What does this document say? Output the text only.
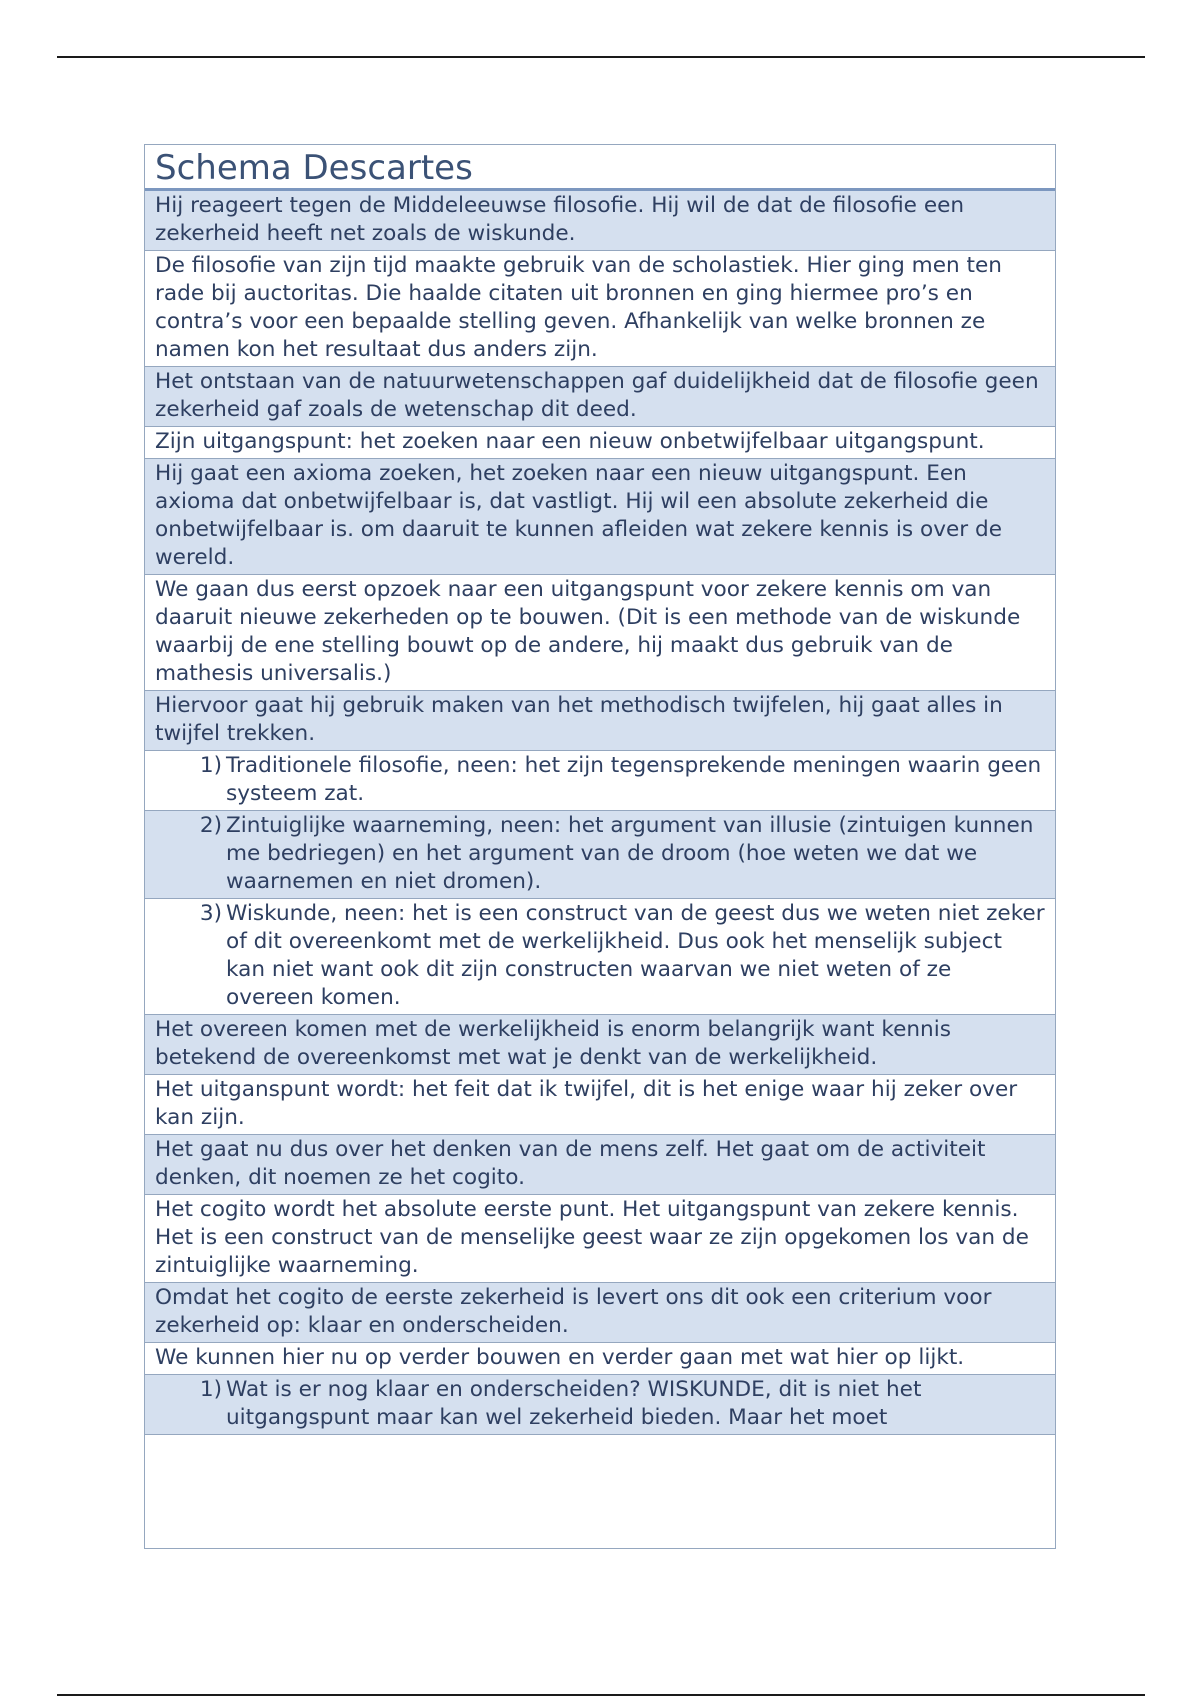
Schema Descartes
Hij reageert tegen de Middeleeuwse filosofie. Hij wil de dat de filosofie een zekerheid heeft net zoals de wiskunde.
De filosofie van zijn tijd maakte gebruik van de scholastiek. Hier ging men ten rade bij auctoritas. Die haalde citaten uit bronnen en ging hiermee pro’s en contra’s voor een bepaalde stelling geven. Afhankelijk van welke bronnen ze namen kon het resultaat dus anders zijn.
Het ontstaan van de natuurwetenschappen gaf duidelijkheid dat de filosofie geen zekerheid gaf zoals de wetenschap dit deed.
Zijn uitgangspunt: het zoeken naar een nieuw onbetwijfelbaar uitgangspunt.
Hij gaat een axioma zoeken, het zoeken naar een nieuw uitgangspunt. Een axioma dat onbetwijfelbaar is, dat vastligt. Hij wil een absolute zekerheid die onbetwijfelbaar is. om daaruit te kunnen afleiden wat zekere kennis is over de wereld.
We gaan dus eerst opzoek naar een uitgangspunt voor zekere kennis om van daaruit nieuwe zekerheden op te bouwen. (Dit is een methode van de wiskunde waarbij de ene stelling bouwt op de andere, hij maakt dus gebruik van de mathesis universalis.)
Hiervoor gaat hij gebruik maken van het methodisch twijfelen, hij gaat alles in twijfel trekken.
1) Traditionele filosofie, neen: het zijn tegensprekende meningen waarin geen systeem zat.
2) Zintuiglijke waarneming, neen: het argument van illusie (zintuigen kunnen me bedriegen) en het argument van de droom (hoe weten we dat we waarnemen en niet dromen).
3) Wiskunde, neen: het is een construct van de geest dus we weten niet zeker of dit overeenkomt met de werkelijkheid. Dus ook het menselijk subject kan niet want ook dit zijn constructen waarvan we niet weten of ze overeen komen.
Het overeen komen met de werkelijkheid is enorm belangrijk want kennis betekend de overeenkomst met wat je denkt van de werkelijkheid.
Het uitganspunt wordt: het feit dat ik twijfel, dit is het enige waar hij zeker over kan zijn.
Het gaat nu dus over het denken van de mens zelf. Het gaat om de activiteit denken, dit noemen ze het cogito.
Het cogito wordt het absolute eerste punt. Het uitgangspunt van zekere kennis. Het is een construct van de menselijke geest waar ze zijn opgekomen los van de zintuiglijke waarneming.
Omdat het cogito de eerste zekerheid is levert ons dit ook een criterium voor zekerheid op: klaar en onderscheiden.
We kunnen hier nu op verder bouwen en verder gaan met wat hier op lijkt.
1) Wat is er nog klaar en onderscheiden? WISKUNDE, dit is niet het uitgangspunt maar kan wel zekerheid bieden. Maar het moet
